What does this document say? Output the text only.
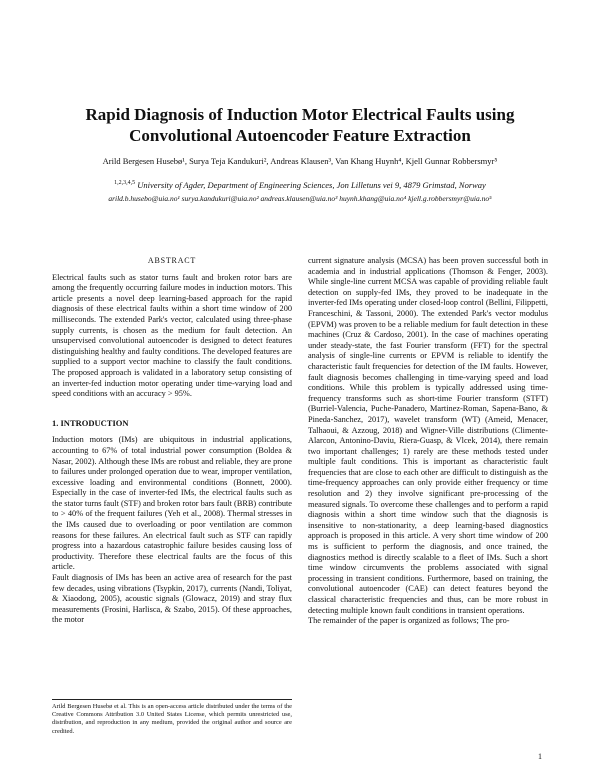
Rapid Diagnosis of Induction Motor Electrical Faults using Convolutional Autoencoder Feature Extraction
Arild Bergesen Husebø¹, Surya Teja Kandukuri², Andreas Klausen³, Van Khang Huynh⁴, Kjell Gunnar Robbersmyr⁵
$^{1,2,3,4,5}$ University of Agder, Department of Engineering Sciences, Jon Lilletuns vei 9, 4879 Grimstad, Norway
arild.b.husebo@uia.no¹ surya.kandukuri@uia.no² andreas.klausen@uia.no³ huynh.khang@uia.no⁴ kjell.g.robbersmyr@uia.no⁵
ABSTRACT

Electrical faults such as stator turns fault and broken rotor bars are among the frequently occurring failure modes in induction motors. This article presents a novel deep learning-based approach for the rapid diagnosis of these electrical faults within a short time window of 200 milliseconds. The extended Park's vector, calculated using three-phase supply currents, is chosen as the medium for fault detection. An unsupervised convolutional autoencoder is designed to detect features distinguishing healthy and faulty conditions. The developed features are supplied to a support vector machine to classify the fault conditions. The proposed approach is validated in a laboratory setup consisting of an inverter-fed induction motor operating under time-varying load and speed conditions with an accuracy > 95%.

1. INTRODUCTION

Induction motors (IMs) are ubiquitous in industrial applications, accounting to 67% of total industrial power consumption (Boldea & Nasar, 2002). Although these IMs are robust and reliable, they are prone to failures under prolonged operation due to wear, improper ventilation, excessive loading and environmental conditions (Bonnett, 2000). Especially in the case of inverter-fed IMs, the electrical faults such as the stator turns fault (STF) and broken rotor bars fault (BRB) contribute to > 40% of the frequent failures (Yeh et al., 2008). Thermal stresses in the IMs caused due to overloading or poor ventilation are common reasons for these failures. An electrical fault such as STF can rapidly progress into a hazardous catastrophic failure besides causing loss of productivity. Therefore these electrical faults are the focus of this article.

Fault diagnosis of IMs has been an active area of research for the past few decades, using vibrations (Tsypkin, 2017), currents (Nandi, Toliyat, & Xiaodong, 2005), acoustic signals (Glowacz, 2019) and stray flux measurements (Frosini, Harlisca, & Szabo, 2015). Of these approaches, the motor

current signature analysis (MCSA) has been proven successful both in academia and in industrial applications (Thomson & Fenger, 2003). While single-line current MCSA was capable of providing reliable fault detection on supply-fed IMs, they proved to be inadequate in the inverter-fed IMs operating under closed-loop control (Bellini, Filippetti, Franceschini, & Tassoni, 2000). The extended Park's vector modulus (EPVM) was proven to be a reliable medium for fault detection in these machines (Cruz & Cardoso, 2001). In the case of machines operating under steady-state, the fast Fourier transform (FFT) for the spectral analysis of single-line currents or EPVM is reliable to identify the characteristic fault frequencies for detection of the IM faults. However, fault diagnosis becomes challenging in time-varying speed and load conditions. While this problem is typically addressed using time-frequency transforms such as short-time Fourier transform (STFT) (Burriel-Valencia, Puche-Panadero, Martinez-Roman, Sapena-Bano, & Pineda-Sanchez, 2017), wavelet transform (WT) (Ameid, Menacer, Talhaoui, & Azzoug, 2018) and Wigner-Ville distributions (Climente-Alarcon, Antonino-Daviu, Riera-Guasp, & Vlcek, 2014), there remain two important challenges; 1) rarely are these methods tested under multiple fault conditions. This is important as characteristic fault frequencies that are close to each other are difficult to distinguish as the time-frequency approaches can only provide either frequency or time resolution and 2) they involve significant pre-processing of the measured signals. To overcome these challenges and to perform a rapid diagnosis within a short time window such that the diagnosis is insensitive to non-stationarity, a deep learning-based diagnostics approach is proposed in this article. A very short time window of 200 ms is sufficient to perform the diagnosis, and once trained, the diagnostics method is directly scalable to a fleet of IMs. Such a short time window circumvents the problems associated with signal processing in transient conditions. Furthermore, based on training, the convolutional autoencoder (CAE) can detect features beyond the classical characteristic frequencies and thus, can be more robust in detecting multiple known fault conditions in transient operations.

The remainder of the paper is organized as follows; The pro-

Arild Bergesen Husebø et al. This is an open-access article distributed under the terms of the Creative Commons Attribution 3.0 United States License, which permits unrestricted use, distribution, and reproduction in any medium, provided the original author and source are credited.
1
